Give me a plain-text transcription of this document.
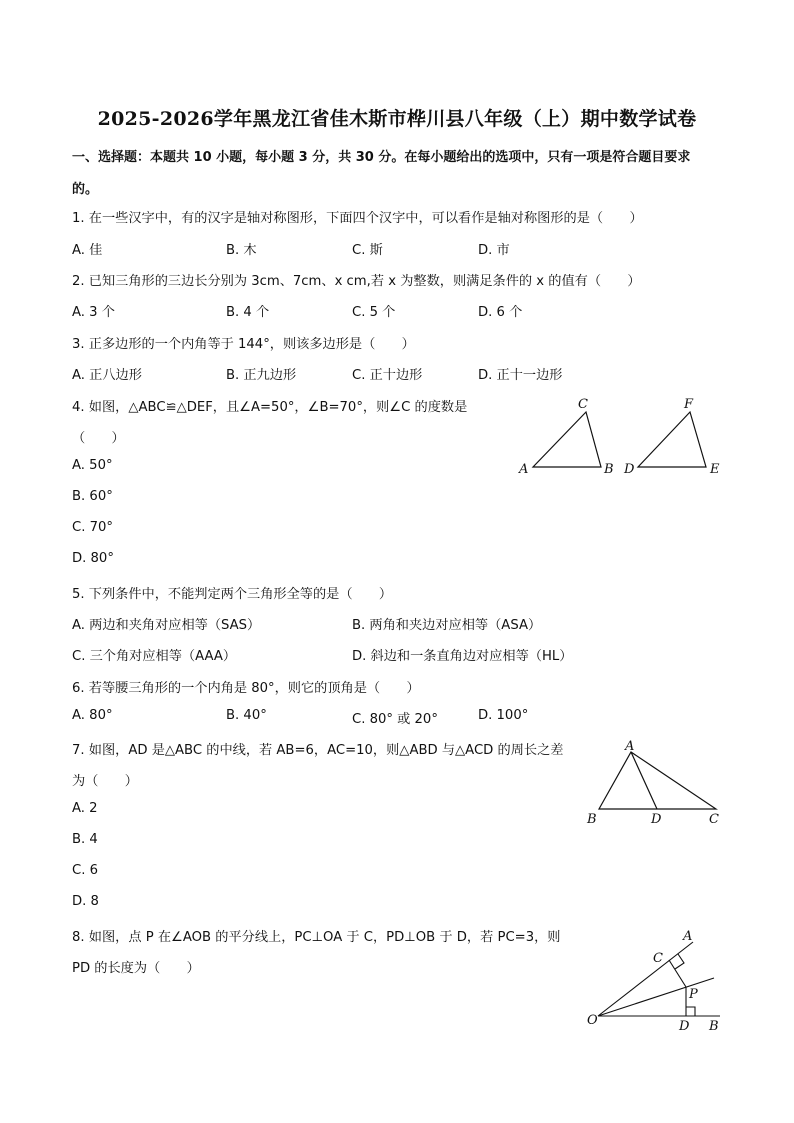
2025-2026学年黑龙江省佳木斯市桦川县八年级（上）期中数学试卷
一、选择题：本题共 10 小题，每小题 3 分，共 30 分。在每小题给出的选项中，只有一项是符合题目要求
的。
1. 在一些汉字中，有的汉字是轴对称图形，下面四个汉字中，可以看作是轴对称图形的是（　　）
A. 佳	B. 木	C. 斯	D. 市
2. 已知三角形的三边长分别为 3cm、7cm、x cm,若 x 为整数，则满足条件的 x 的值有（　　）
A. 3 个	B. 4 个	C. 5 个	D. 6 个
3. 正多边形的一个内角等于 144°，则该多边形是（　　）
A. 正八边形	B. 正九边形	C. 正十边形	D. 正十一边形
4. 如图，△ABC≌△DEF，且∠A=50°，∠B=70°，则∠C 的度数是
（　　）
A. 50°
B. 60°
C. 70°
D. 80°
5. 下列条件中，不能判定两个三角形全等的是（　　）
A. 两边和夹角对应相等（SAS）	B. 两角和夹边对应相等（ASA）
C. 三个角对应相等（AAA）	D. 斜边和一条直角边对应相等（HL）
6. 若等腰三角形的一个内角是 80°，则它的顶角是（　　）
A. 80°	B. 40°	C. 80° 或 20°	D. 100°
7. 如图，AD 是△ABC 的中线，若 AB=6，AC=10，则△ABD 与△ACD 的周长之差
为（　　）
A. 2
B. 4
C. 6
D. 8
8. 如图，点 P 在∠AOB 的平分线上，PC⊥OA 于 C，PD⊥OB 于 D，若 PC=3，则
PD 的长度为（　　）
A	B
C
D	E
F
A
B	C
D
O
A
B
C
D
P
